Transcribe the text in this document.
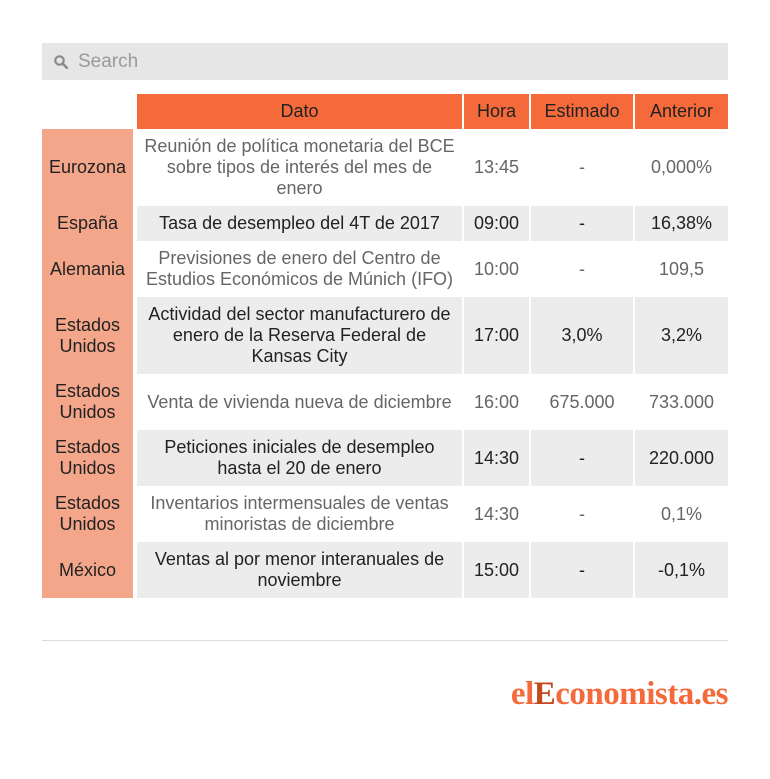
Search
	Dato	Hora	Estimado	Anterior
Eurozona	Reunión de política monetaria del BCE sobre tipos de interés del mes de enero	13:45	-	0,000%
España	Tasa de desempleo del 4T de 2017	09:00	-	16,38%
Alemania	Previsiones de enero del Centro de Estudios Económicos de Múnich (IFO)	10:00	-	109,5
Estados Unidos	Actividad del sector manufacturero de enero de la Reserva Federal de Kansas City	17:00	3,0%	3,2%
Estados Unidos	Venta de vivienda nueva de diciembre	16:00	675.000	733.000
Estados Unidos	Peticiones iniciales de desempleo hasta el 20 de enero	14:30	-	220.000
Estados Unidos	Inventarios intermensuales de ventas minoristas de diciembre	14:30	-	0,1%
México	Ventas al por menor interanuales de noviembre	15:00	-	-0,1%
elEconomista.es
